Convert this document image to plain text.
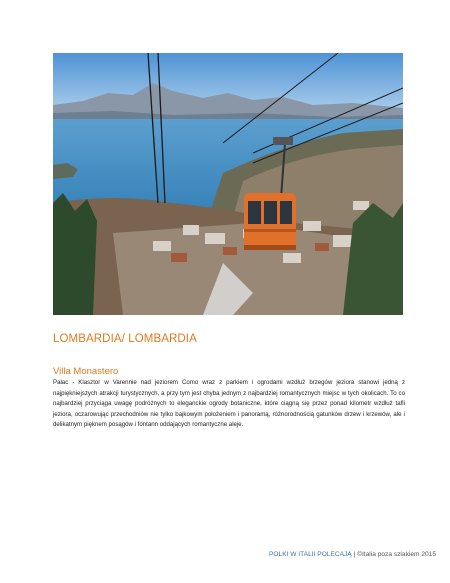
LOMBARDIA/ LOMBARDIA
Villa Monastero

Pałac - Klasztor w Varennie nad jeziorem Como wraz z parkiem i ogrodami wzdłuż brzegów jeziora stanowi jedną z najpiękniejszych atrakcji turystycznych, a przy tym jest chyba jednym z najbardziej romantycznych miejsc w tych okolicach. To co najbardziej przyciąga uwagę podróżnych to eleganckie ogrody botaniczne, które ciągną się przez ponad kilometr wzdłuż tafli jeziora, oczarowując przechodniów nie tylko bajkowym położeniem i panoramą, różnorodnością gatunków drzew i krzewów, ale i delikatnym pięknem posągów i fontann oddających romantyczne aleje.

POLKI W ITALII POLECAJĄ | ©Italia poza szlakiem 2015
